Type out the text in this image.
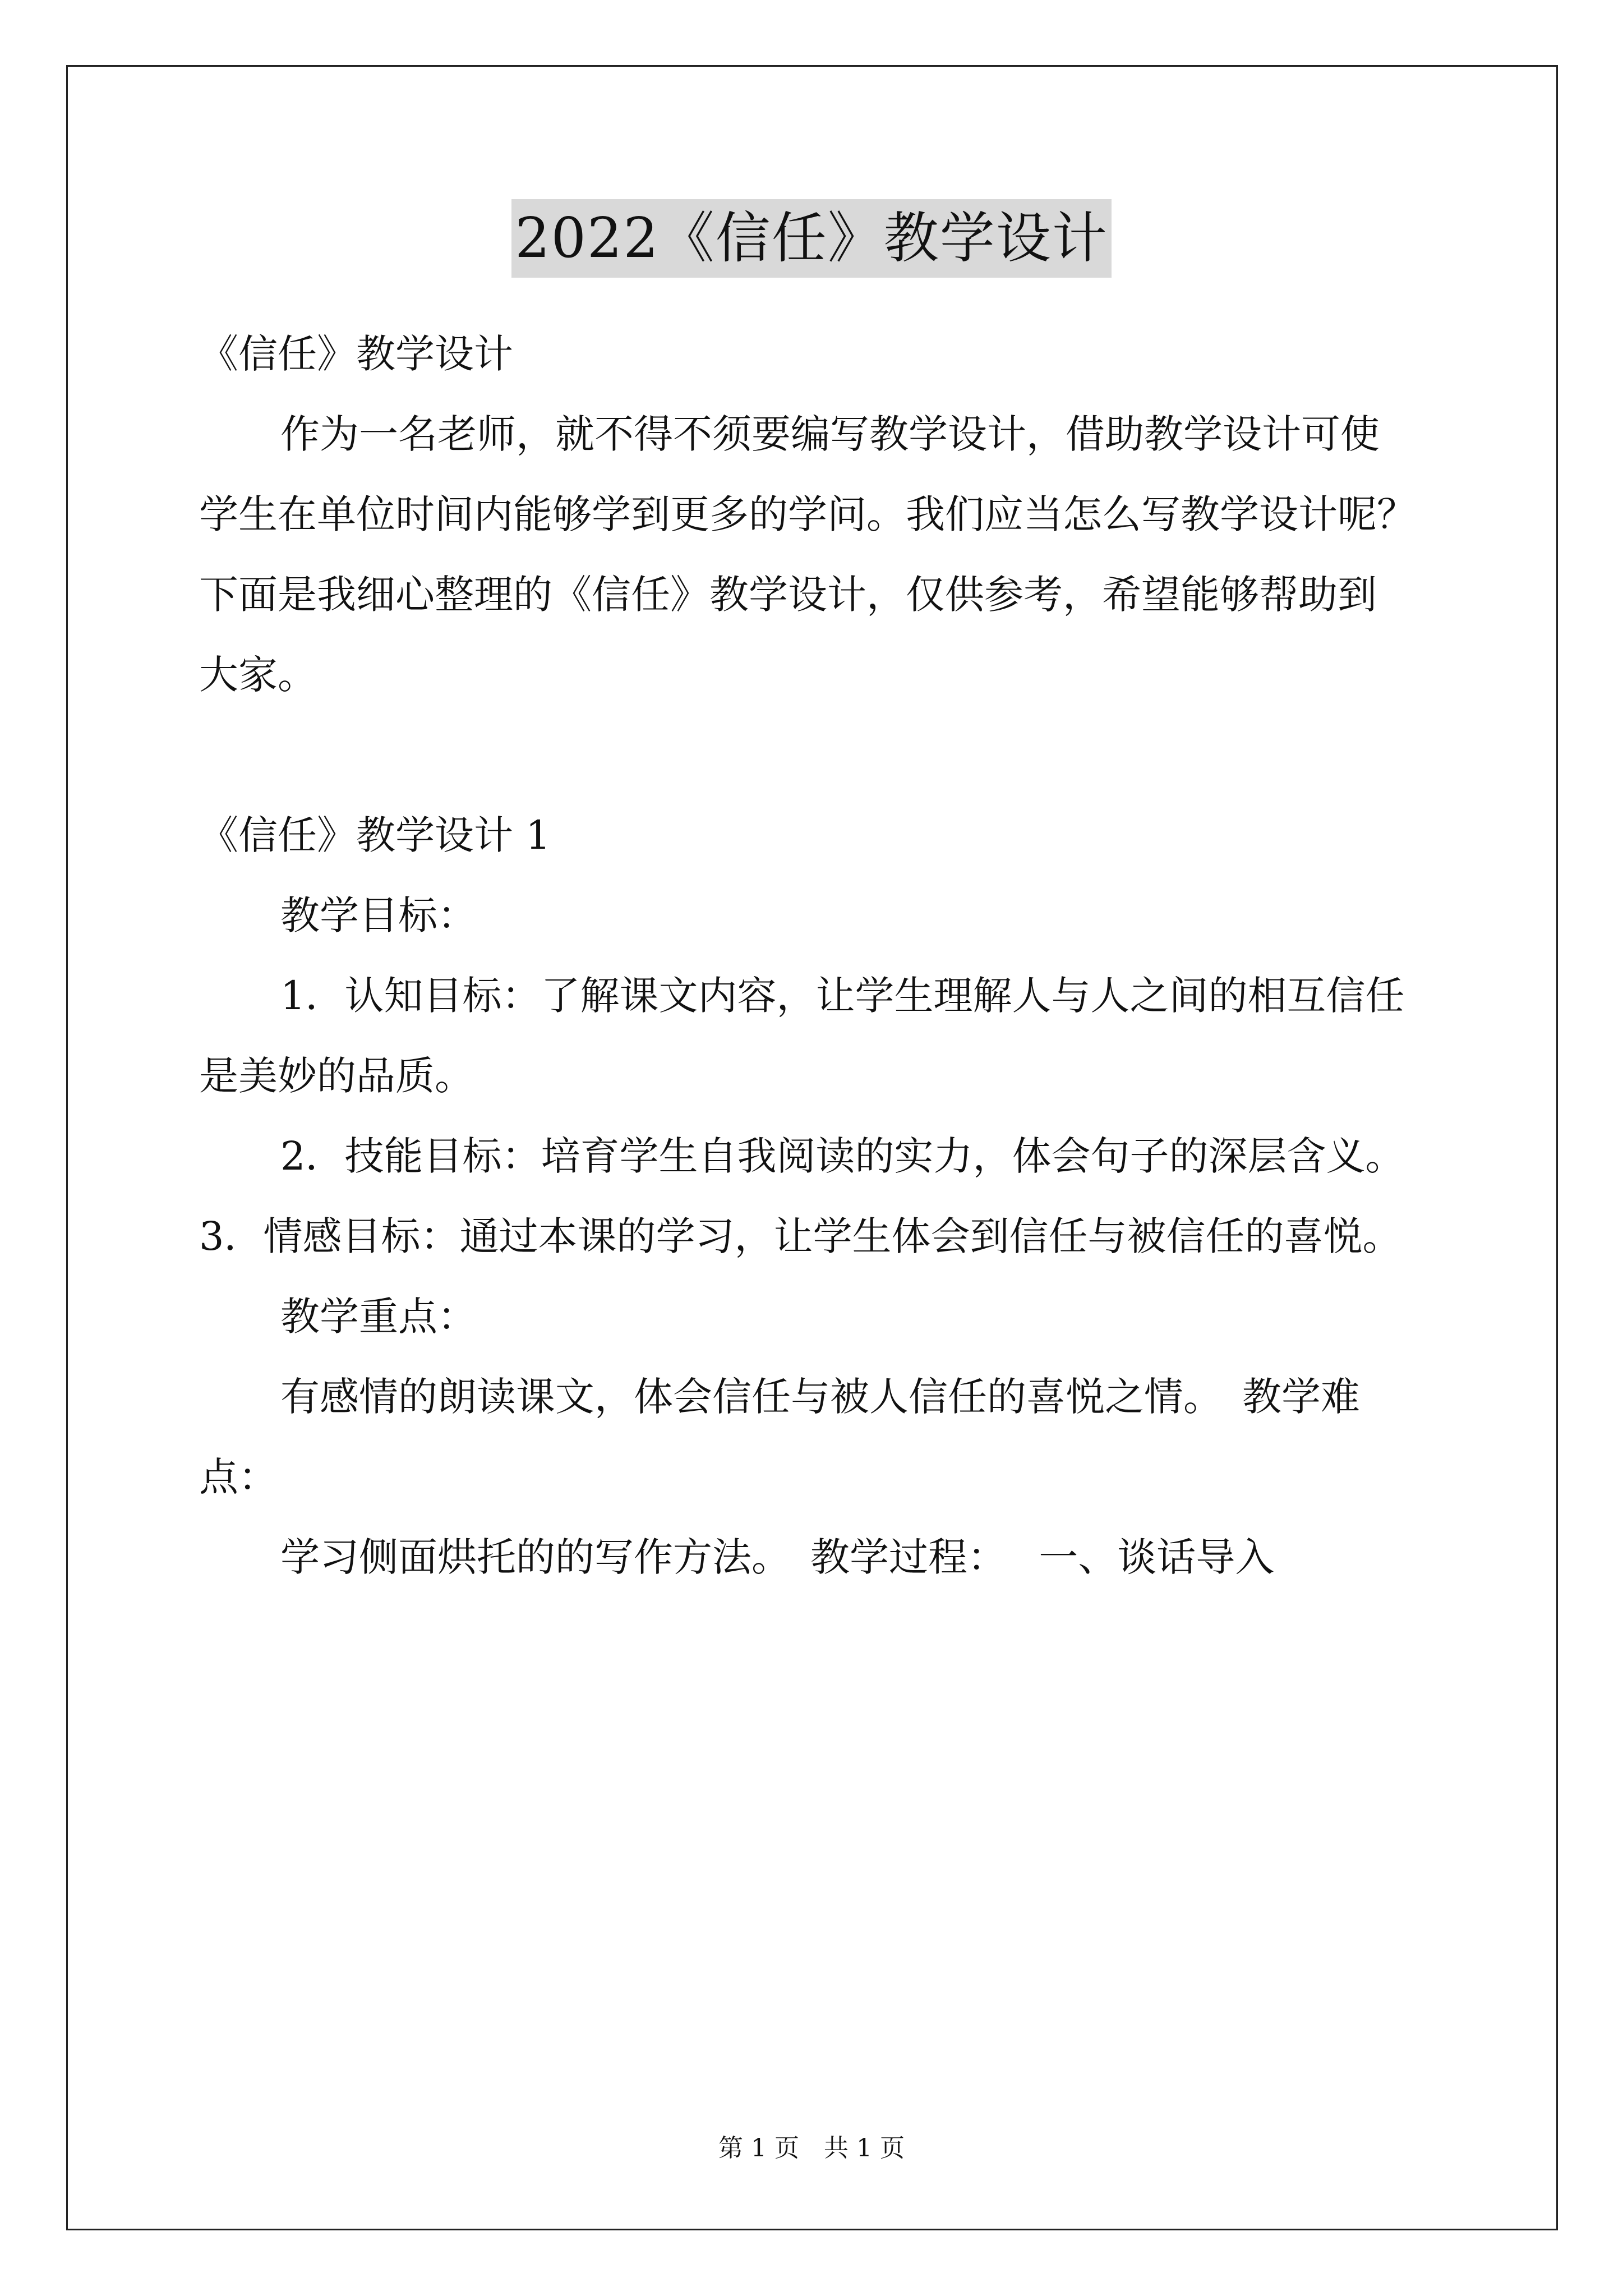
2022《信任》教学设计

《信任》教学设计

作为一名老师，就不得不须要编写教学设计，借助教学设计可使

学生在单位时间内能够学到更多的学问。我们应当怎么写教学设计呢？

下面是我细心整理的《信任》教学设计，仅供参考，希望能够帮助到

大家。

《信任》教学设计 1

教学目标：

1．认知目标：了解课文内容，让学生理解人与人之间的相互信任

是美妙的品质。

2．技能目标：培育学生自我阅读的实力，体会句子的深层含义。

3．情感目标：通过本课的学习，让学生体会到信任与被信任的喜悦。

教学重点：

有感情的朗读课文，体会信任与被人信任的喜悦之情。　教学难

点：

学习侧面烘托的的写作方法。　教学过程：　 一、谈话导入

第 1 页　共 1 页
